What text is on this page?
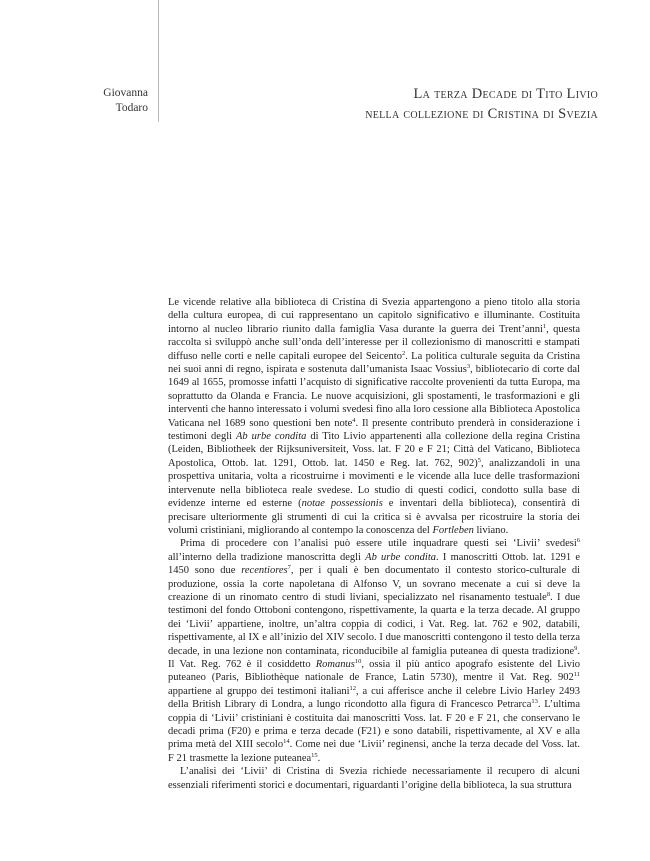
Giovanna
Todaro
La terza Decade di Tito Livio
nella collezione di Cristina di Svezia

Le vicende relative alla biblioteca di Cristina di Svezia appartengono a pieno titolo alla storia della cultura europea, di cui rappresentano un capitolo significativo e illuminante. Costituita intorno al nucleo librario riunito dalla famiglia Vasa durante la guerra dei Trent’anni$^1$, questa raccolta si sviluppò anche sull’onda dell’interesse per il collezionismo di manoscritti e stampati diffuso nelle corti e nelle capitali europee del Seicento$^2$. La politica culturale seguita da Cristina nei suoi anni di regno, ispirata e sostenuta dall’umanista Isaac Vossius$^3$, bibliotecario di corte dal 1649 al 1655, promosse infatti l’acquisto di significative raccolte provenienti da tutta Europa, ma soprattutto da Olanda e Francia. Le nuove acquisizioni, gli spostamenti, le trasformazioni e gli interventi che hanno interessato i volumi svedesi fino alla loro cessione alla Biblioteca Apostolica Vaticana nel 1689 sono questioni ben note$^4$. Il presente contributo prenderà in considerazione i testimoni degli Ab urbe condita di Tito Livio appartenenti alla collezione della regina Cristina (Leiden, Bibliotheek der Rijksuniversiteit, Voss. lat. F 20 e F 21; Città del Vaticano, Biblioteca Apostolica, Ottob. lat. 1291, Ottob. lat. 1450 e Reg. lat. 762, 902)$^5$, analizzandoli in una prospettiva unitaria, volta a ricostruirne i movimenti e le vicende alla luce delle trasformazioni intervenute nella biblioteca reale svedese. Lo studio di questi codici, condotto sulla base di evidenze interne ed esterne (notae possessionis e inventari della biblioteca), consentirà di precisare ulteriormente gli strumenti di cui la critica si è avvalsa per ricostruire la storia dei volumi cristiniani, migliorando al contempo la conoscenza del Fortleben liviano.

Prima di procedere con l’analisi può essere utile inquadrare questi sei ‘Livii’ svedesi$^6$ all’interno della tradizione manoscritta degli Ab urbe condita. I manoscritti Ottob. lat. 1291 e 1450 sono due recentiores$^7$, per i quali è ben documentato il contesto storico-culturale di produzione, ossia la corte napoletana di Alfonso V, un sovrano mecenate a cui si deve la creazione di un rinomato centro di studi liviani, specializzato nel risanamento testuale$^8$. I due testimoni del fondo Ottoboni contengono, rispettivamente, la quarta e la terza decade. Al gruppo dei ‘Livii’ appartiene, inoltre, un’altra coppia di codici, i Vat. Reg. lat. 762 e 902, databili, rispettivamente, al IX e all’inizio del XIV secolo. I due manoscritti contengono il testo della terza decade, in una lezione non contaminata, riconducibile al famiglia puteanea di questa tradizione$^9$. Il Vat. Reg. 762 è il cosiddetto Romanus$^{10}$, ossia il più antico apografo esistente del Livio puteaneo (Paris, Bibliothèque nationale de France, Latin 5730), mentre il Vat. Reg. $902^{11}$ appartiene al gruppo dei testimoni italiani$^{12}$, a cui afferisce anche il celebre Livio Harley 2493 della British Library di Londra, a lungo ricondotto alla figura di Francesco Petrarca$^{13}$. L’ultima coppia di ‘Livii’ cristiniani è costituita dai manoscritti Voss. lat. F 20 e F 21, che conservano le decadi prima (F20) e prima e terza decade (F21) e sono databili, rispettivamente, al XV e alla prima metà del XIII secolo$^{14}$. Come nei due ‘Livii’ reginensi, anche la terza decade del Voss. lat. F 21 trasmette la lezione puteanea$^{15}$.

L’analisi dei ‘Livii’ di Cristina di Svezia richiede necessariamente il recupero di alcuni essenziali riferimenti storici e documentari, riguardanti l’origine della biblioteca, la sua struttura
